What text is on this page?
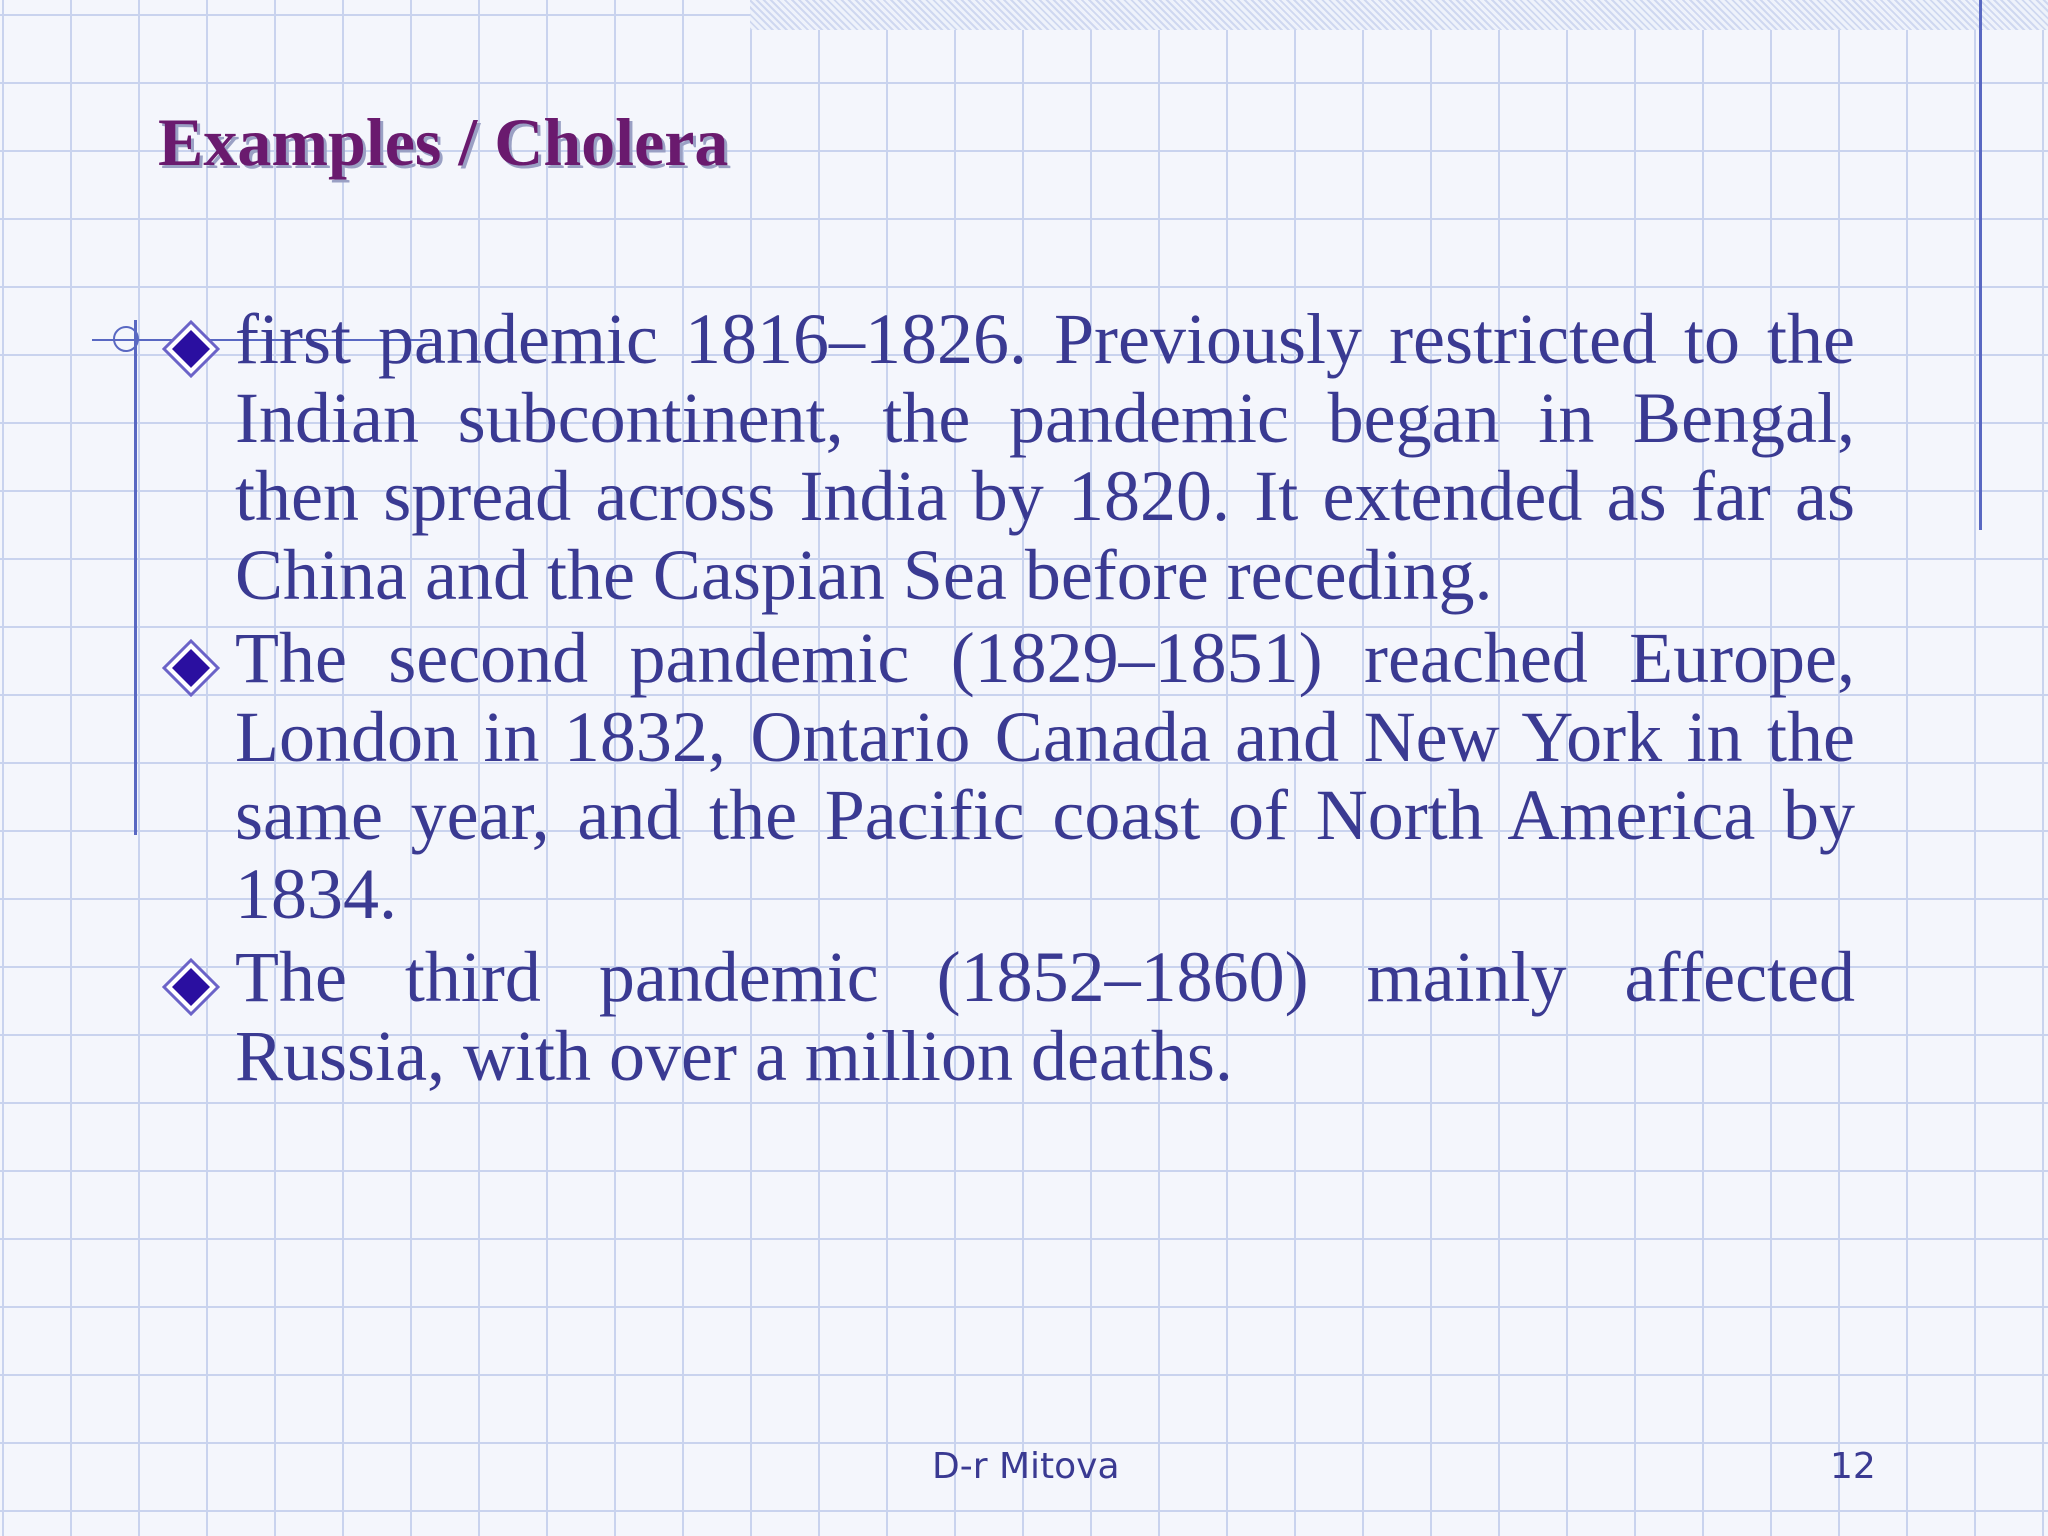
Examples / Cholera
first pandemic 1816–1826. Previously restricted to the Indian subcontinent, the pandemic began in Bengal, then spread across India by 1820. It extended as far as China and the Caspian Sea before receding.
The second pandemic (1829–1851) reached Europe, London in 1832, Ontario Canada and New York in the same year, and the Pacific coast of North America by 1834.
The third pandemic (1852–1860) mainly affected Russia, with over a million deaths.
D-r Mitova	12
